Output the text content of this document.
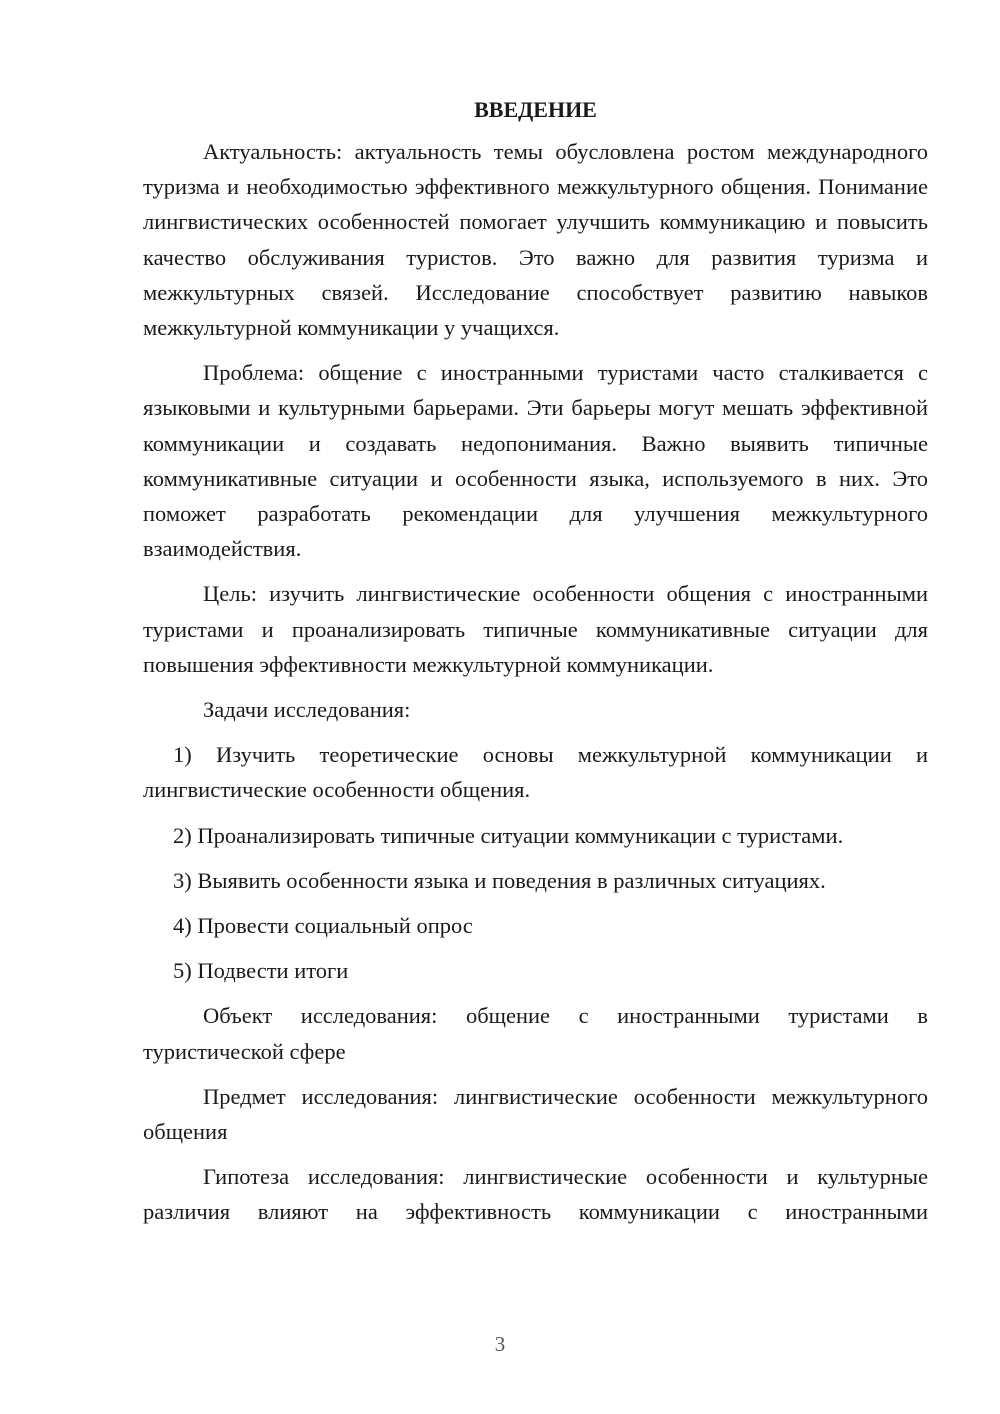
ВВЕДЕНИЕ

Актуальность: актуальность темы обусловлена ростом международного туризма и необходимостью эффективного межкультурного общения. Понимание лингвистических особенностей помогает улучшить коммуникацию и повысить качество обслуживания туристов. Это важно для развития туризма и межкультурных связей. Исследование способствует развитию навыков межкультурной коммуникации у учащихся.

Проблема: общение с иностранными туристами часто сталкивается с языковыми и культурными барьерами. Эти барьеры могут мешать эффективной коммуникации и создавать недопонимания. Важно выявить типичные коммуникативные ситуации и особенности языка, используемого в них. Это поможет разработать рекомендации для улучшения межкультурного взаимодействия.

Цель: изучить лингвистические особенности общения с иностранными туристами и проанализировать типичные коммуникативные ситуации для повышения эффективности межкультурной коммуникации.

Задачи исследования:

1) Изучить теоретические основы межкультурной коммуникации и лингвистические особенности общения.

2) Проанализировать типичные ситуации коммуникации с туристами.

3) Выявить особенности языка и поведения в различных ситуациях.

4) Провести социальный опрос

5) Подвести итоги

Объект исследования: общение с иностранными туристами в туристической сфере

Предмет исследования: лингвистические особенности межкультурного общения

Гипотеза исследования: лингвистические особенности и культурные различия влияют на эффективность коммуникации с иностранными

3
